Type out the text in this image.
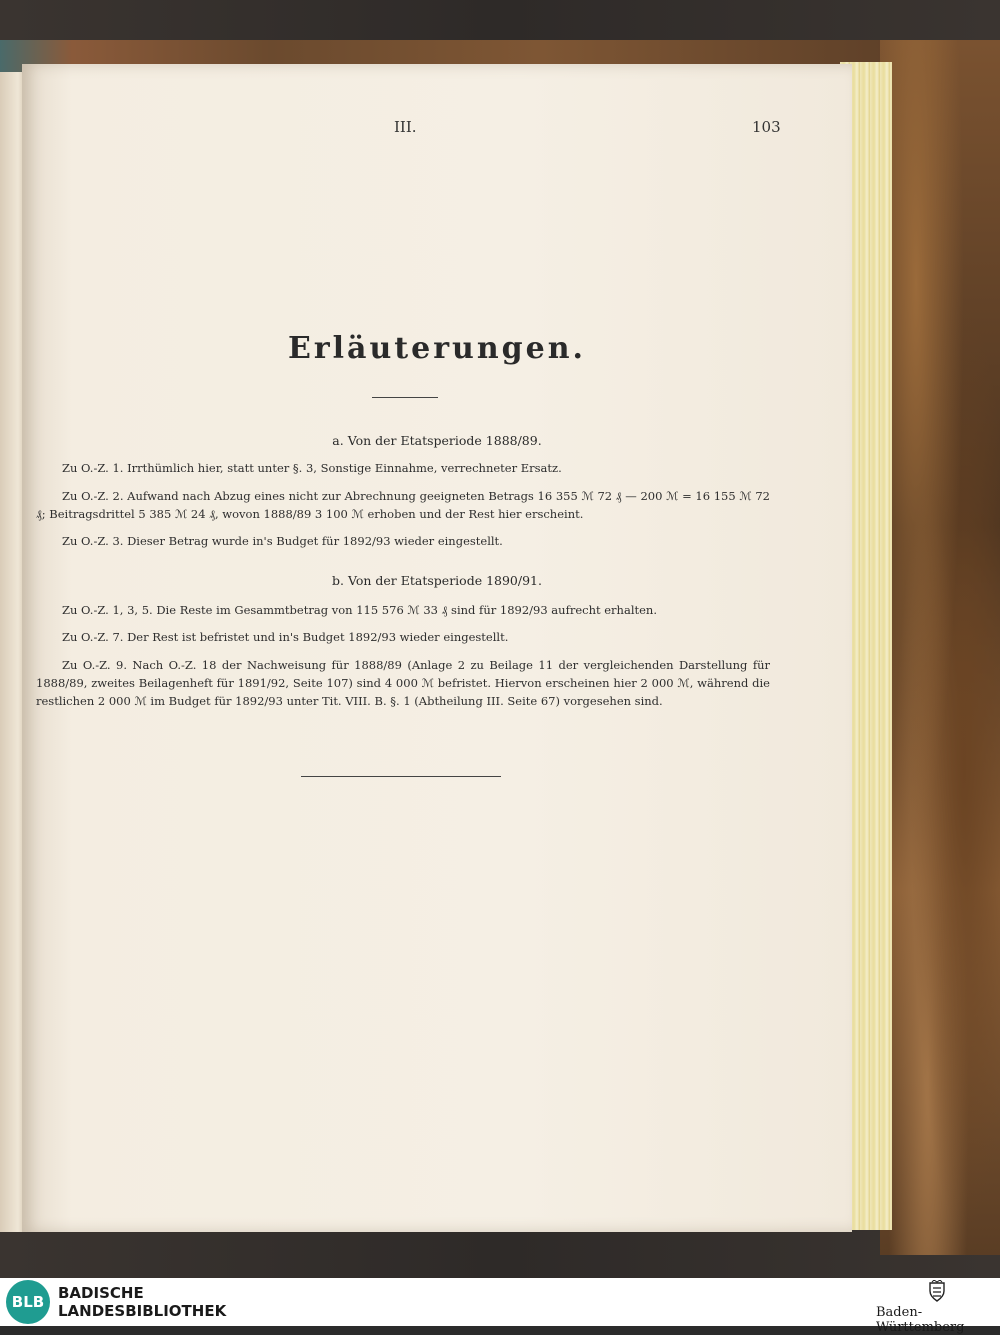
III.	103
Erläuterungen.
a. Von der Etatsperiode 1888/89.
Zu O.-Z. 1. Irrthümlich hier, statt unter §. 3, Sonstige Einnahme, verrechneter Ersatz.
Zu O.-Z. 2. Aufwand nach Abzug eines nicht zur Abrechnung geeigneten Betrags 16 355 ℳ 72 ₰ — 200 ℳ = 16 155 ℳ 72 ₰; Beitragsdrittel 5 385 ℳ 24 ₰, wovon 1888/89 3 100 ℳ erhoben und der Rest hier erscheint.
Zu O.-Z. 3. Dieser Betrag wurde in's Budget für 1892/93 wieder eingestellt.
b. Von der Etatsperiode 1890/91.
Zu O.-Z. 1, 3, 5. Die Reste im Gesammtbetrag von 115 576 ℳ 33 ₰ sind für 1892/93 aufrecht erhalten.
Zu O.-Z. 7. Der Rest ist befristet und in's Budget 1892/93 wieder eingestellt.
Zu O.-Z. 9. Nach O.-Z. 18 der Nachweisung für 1888/89 (Anlage 2 zu Beilage 11 der vergleichenden Darstellung für 1888/89, zweites Beilagenheft für 1891/92, Seite 107) sind 4 000 ℳ befristet. Hiervon erscheinen hier 2 000 ℳ, während die restlichen 2 000 ℳ im Budget für 1892/93 unter Tit. VIII. B. §. 1 (Abtheilung III. Seite 67) vorgesehen sind.
BLB BADISCHE
LANDESBIBLIOTHEK	Baden-Württemberg
